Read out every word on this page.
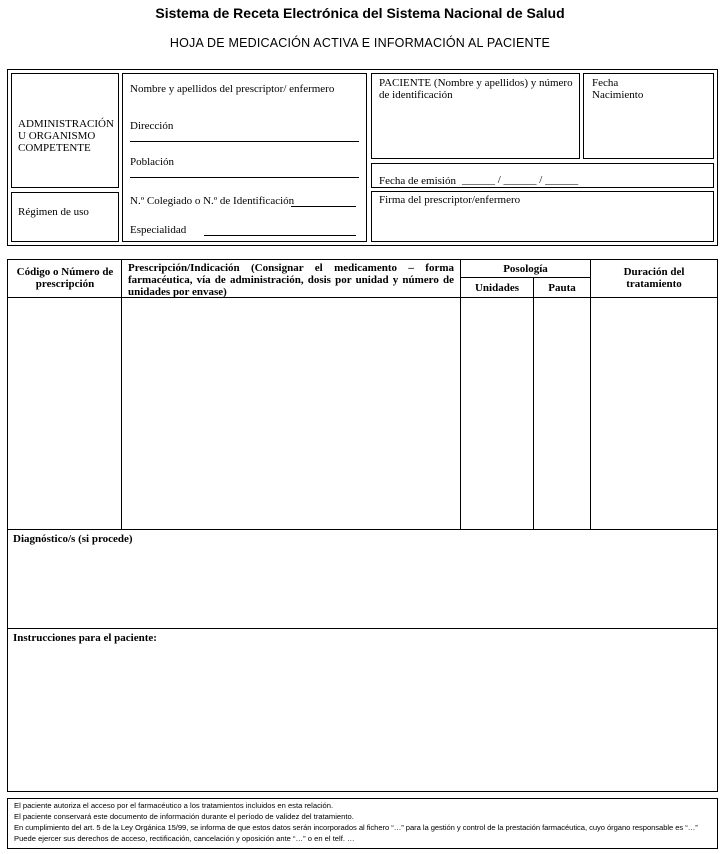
Sistema de Receta Electrónica del Sistema Nacional de Salud
HOJA DE MEDICACIÓN ACTIVA E INFORMACIÓN AL PACIENTE
ADMINISTRACIÓN U ORGANISMO COMPETENTE
Régimen de uso
Nombre y apellidos del prescriptor/ enfermero
Dirección
Población
N.º Colegiado o N.º de Identificación
Especialidad
PACIENTE (Nombre y apellidos) y número de identificación
Fecha
Nacimiento
Fecha de emisión ______ / ______ / ______
Firma del prescriptor/enfermero
Código o Número de prescripción
Prescripción/Indicación (Consignar el medicamento – forma farmacéutica, vía de administración, dosis por unidad y número de unidades por envase)
Posología
Unidades	Pauta
Duración del tratamiento
Diagnóstico/s (si procede)
Instrucciones para el paciente:
El paciente autoriza el acceso por el farmacéutico a los tratamientos incluidos en esta relación.
El paciente conservará este documento de información durante el período de validez del tratamiento.
En cumplimiento del art. 5 de la Ley Orgánica 15/99, se informa de que estos datos serán incorporados al fichero “…” para la gestión y control de la prestación farmacéutica, cuyo órgano responsable es “…”
Puede ejercer sus derechos de acceso, rectificación, cancelación y oposición ante “…” o en el telf. …
